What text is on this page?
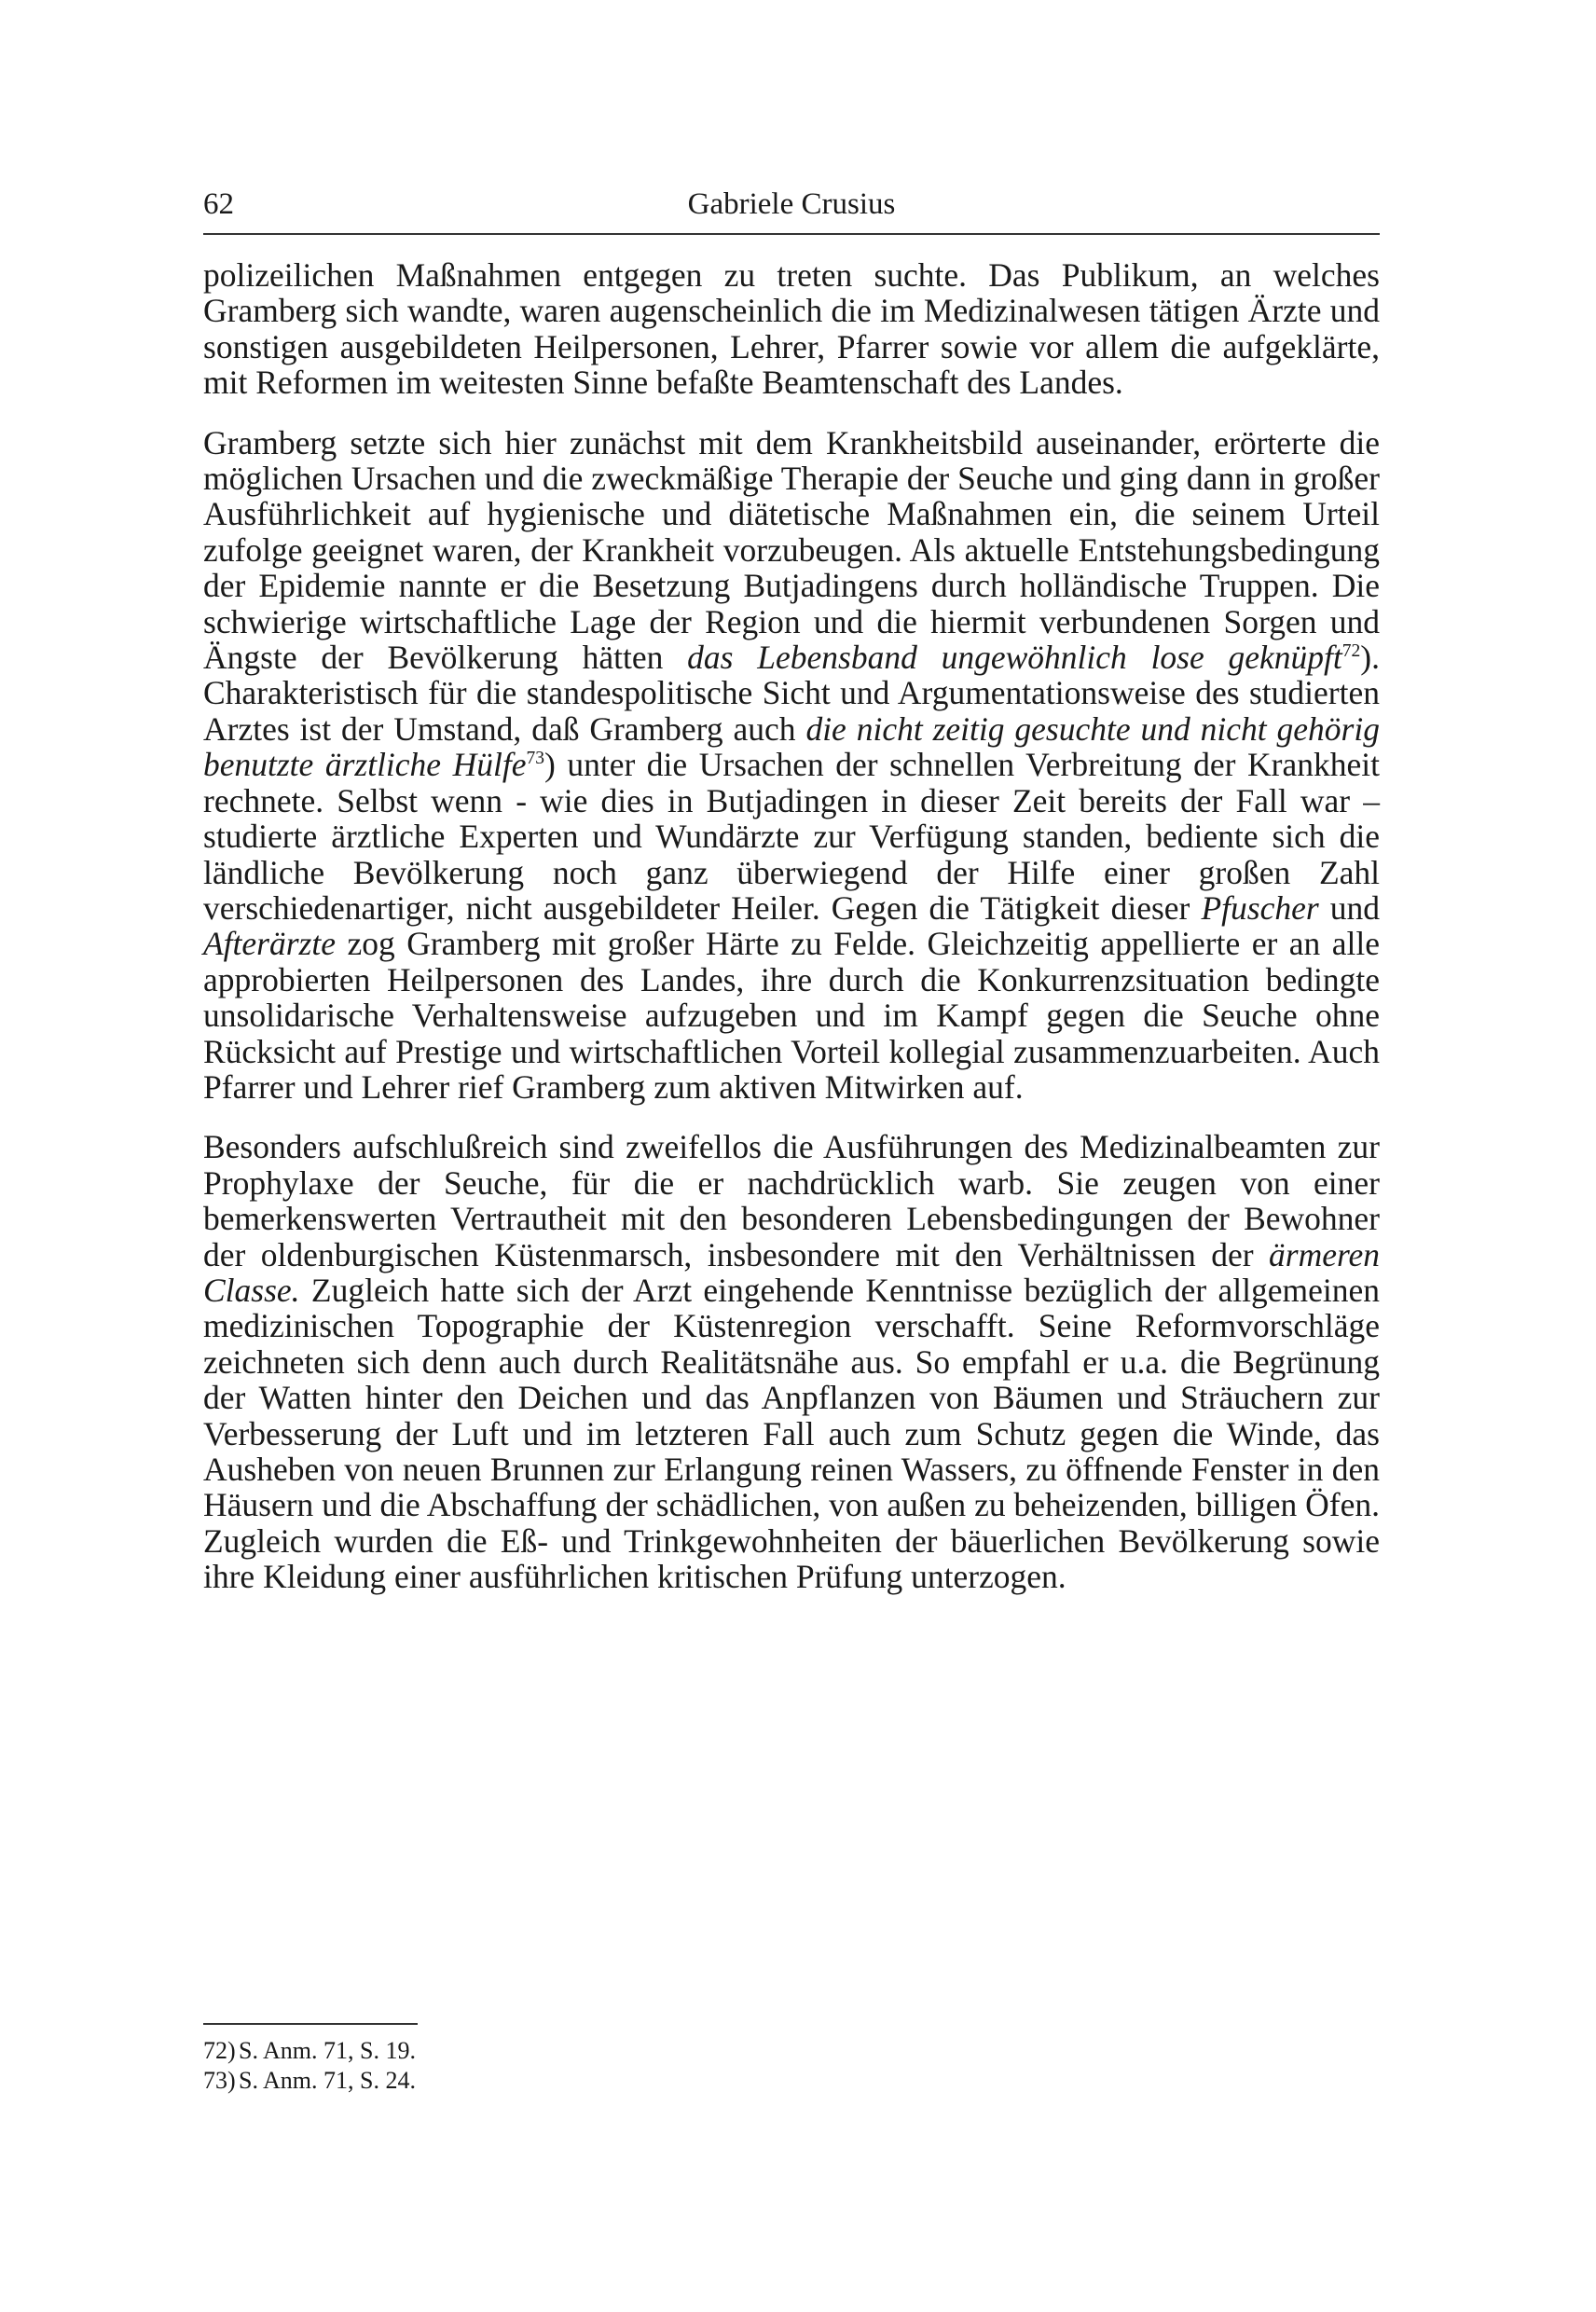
62	Gabriele Crusius

polizeilichen Maßnahmen entgegen zu treten suchte. Das Publikum, an welches Gramberg sich wandte, waren augenscheinlich die im Medizinalwesen tätigen Ärzte und sonstigen ausgebildeten Heilpersonen, Lehrer, Pfarrer sowie vor allem die aufgeklärte, mit Reformen im weitesten Sinne befaßte Beamtenschaft des Landes.

Gramberg setzte sich hier zunächst mit dem Krankheitsbild auseinander, erörterte die möglichen Ursachen und die zweckmäßige Therapie der Seuche und ging dann in großer Ausführlichkeit auf hygienische und diätetische Maßnahmen ein, die seinem Urteil zufolge geeignet waren, der Krankheit vorzubeugen. Als aktuelle Entstehungsbedingung der Epidemie nannte er die Besetzung Butjadingens durch holländische Truppen. Die schwierige wirtschaftliche Lage der Region und die hiermit verbundenen Sorgen und Ängste der Bevölkerung hätten das Lebensband ungewöhnlich lose geknüpft$^{72}$). Charakteristisch für die standespolitische Sicht und Argumentationsweise des studierten Arztes ist der Umstand, daß Gramberg auch die nicht zeitig gesuchte und nicht gehörig benutzte ärztliche Hülfe$^{73}$) unter die Ursachen der schnellen Verbreitung der Krankheit rechnete. Selbst wenn - wie dies in Butjadingen in dieser Zeit bereits der Fall war – studierte ärztliche Experten und Wundärzte zur Verfügung standen, bediente sich die ländliche Bevölkerung noch ganz überwiegend der Hilfe einer großen Zahl verschiedenartiger, nicht ausgebildeter Heiler. Gegen die Tätigkeit dieser Pfuscher und Afterärzte zog Gramberg mit großer Härte zu Felde. Gleichzeitig appellierte er an alle approbierten Heilpersonen des Landes, ihre durch die Konkurrenzsituation bedingte unsolidarische Verhaltensweise aufzugeben und im Kampf gegen die Seuche ohne Rücksicht auf Prestige und wirtschaftlichen Vorteil kollegial zusammenzuarbeiten. Auch Pfarrer und Lehrer rief Gramberg zum aktiven Mitwirken auf.

Besonders aufschlußreich sind zweifellos die Ausführungen des Medizinalbeamten zur Prophylaxe der Seuche, für die er nachdrücklich warb. Sie zeugen von einer bemerkenswerten Vertrautheit mit den besonderen Lebensbedingungen der Bewohner der oldenburgischen Küstenmarsch, insbesondere mit den Verhältnissen der ärmeren Classe. Zugleich hatte sich der Arzt eingehende Kenntnisse bezüglich der allgemeinen medizinischen Topographie der Küstenregion verschafft. Seine Reformvorschläge zeichneten sich denn auch durch Realitätsnähe aus. So empfahl er u.a. die Begrünung der Watten hinter den Deichen und das Anpflanzen von Bäumen und Sträuchern zur Verbesserung der Luft und im letzteren Fall auch zum Schutz gegen die Winde, das Ausheben von neuen Brunnen zur Erlangung reinen Wassers, zu öffnende Fenster in den Häusern und die Abschaffung der schädlichen, von außen zu beheizenden, billigen Öfen. Zugleich wurden die Eß- und Trinkgewohnheiten der bäuerlichen Bevölkerung sowie ihre Kleidung einer ausführlichen kritischen Prüfung unterzogen.

72) S. Anm. 71, S. 19.

73) S. Anm. 71, S. 24.
